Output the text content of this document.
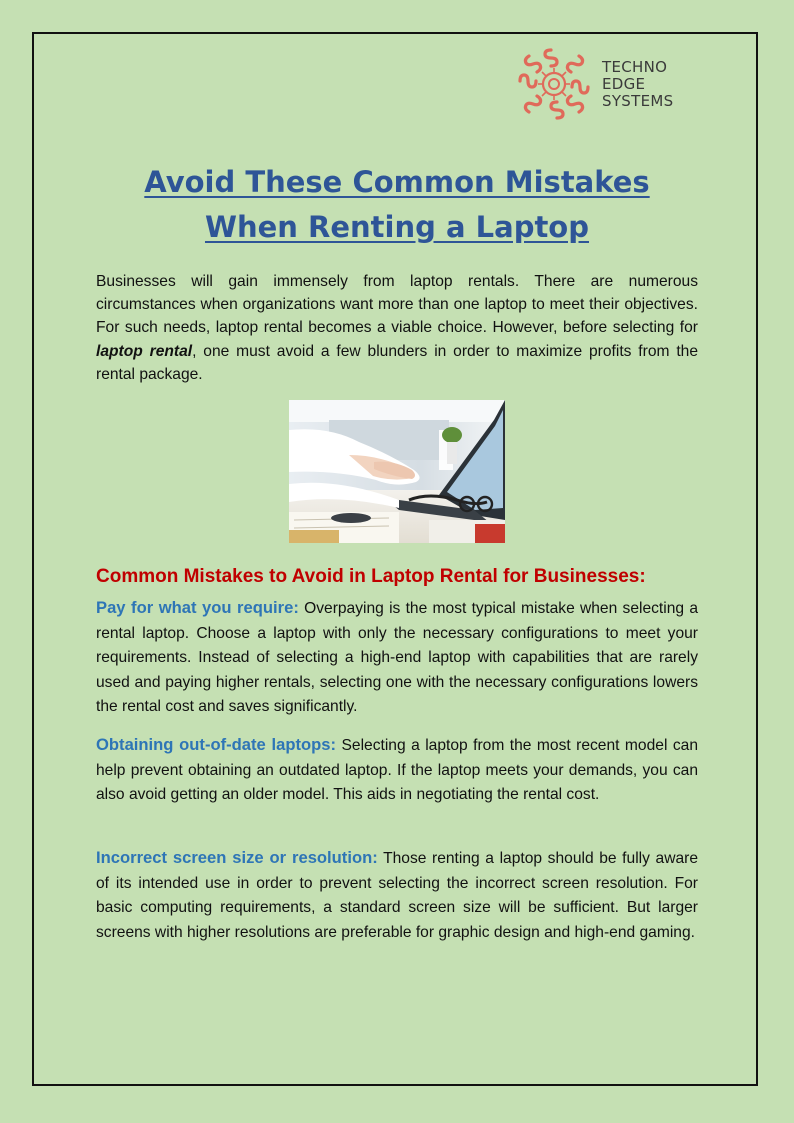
TECHNO
EDGE
SYSTEMS
Avoid These Common Mistakes When Renting a Laptop

Businesses will gain immensely from laptop rentals. There are numerous circumstances when organizations want more than one laptop to meet their objectives. For such needs, laptop rental becomes a viable choice. However, before selecting for laptop rental, one must avoid a few blunders in order to maximize profits from the rental package.

Common Mistakes to Avoid in Laptop Rental for Businesses:

Pay for what you require: Overpaying is the most typical mistake when selecting a rental laptop. Choose a laptop with only the necessary configurations to meet your requirements. Instead of selecting a high-end laptop with capabilities that are rarely used and paying higher rentals, selecting one with the necessary configurations lowers the rental cost and saves significantly.

Obtaining out-of-date laptops: Selecting a laptop from the most recent model can help prevent obtaining an outdated laptop. If the laptop meets your demands, you can also avoid getting an older model. This aids in negotiating the rental cost.

Incorrect screen size or resolution: Those renting a laptop should be fully aware of its intended use in order to prevent selecting the incorrect screen resolution. For basic computing requirements, a standard screen size will be sufficient. But larger screens with higher resolutions are preferable for graphic design and high-end gaming.
